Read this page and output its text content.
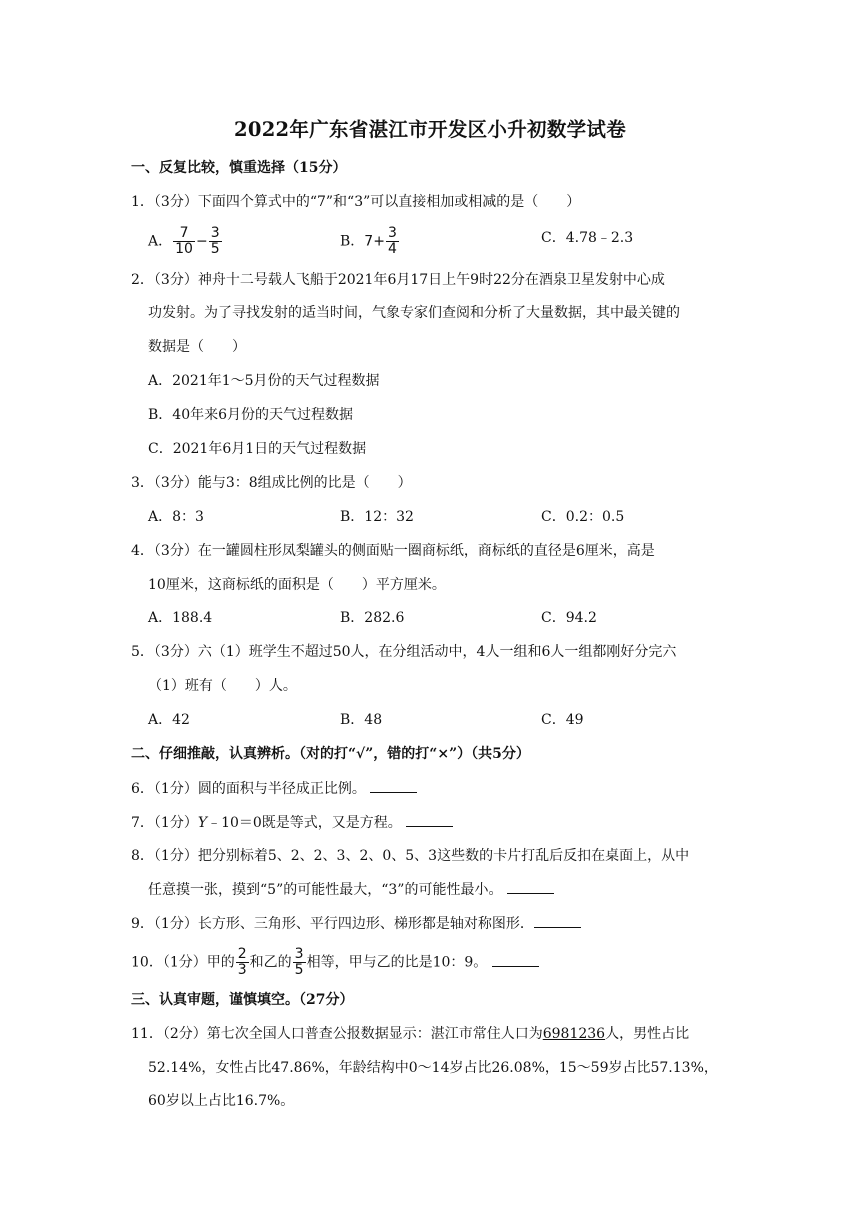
2022年广东省湛江市开发区小升初数学试卷
一、反复比较，慎重选择（15分）
1．（3分）下面四个算式中的“7”和“3”可以直接相加或相减的是（　　）
A． $\frac{7}{10} - \frac{3}{5}$	B．$7+ \frac{3}{4}$	C．4.78﹣2.3
2．（3分）神舟十二号载人飞船于2021年6月17日上午9时22分在酒泉卫星发射中心成
功发射。为了寻找发射的适当时间，气象专家们查阅和分析了大量数据，其中最关键的
数据是（　　）
A．2021年1～5月份的天气过程数据
B．40年来6月份的天气过程数据
C．2021年6月1日的天气过程数据
3．（3分）能与3：8组成比例的比是（　　）
A．8：3	B．12：32	C．0.2：0.5
4．（3分）在一罐圆柱形凤梨罐头的侧面贴一圈商标纸，商标纸的直径是6厘米，高是
10厘米，这商标纸的面积是（　　）平方厘米。
A．188.4	B．282.6	C．94.2
5．（3分）六（1）班学生不超过50人，在分组活动中，4人一组和6人一组都刚好分完六
（1）班有（　　）人。
A．42	B．48	C．49
二、仔细推敲，认真辨析。（对的打“√”，错的打“×”）（共5分）
6．（1分）圆的面积与半径成正比例。
7．（1分）Y﹣10＝0既是等式，又是方程。
8．（1分）把分别标着5、2、2、3、2、0、5、3这些数的卡片打乱后反扣在桌面上，从中
任意摸一张，摸到“5”的可能性最大，“3”的可能性最小。
9．（1分）长方形、三角形、平行四边形、梯形都是轴对称图形．
10．（1分）甲的 $\frac{2}{3}$ 和乙的 $\frac{3}{5}$ 相等，甲与乙的比是10：9。
三、认真审题，谨慎填空。（27分）
11．（2分）第七次全国人口普查公报数据显示：湛江市常住人口为6981236人，男性占比
52.14%，女性占比47.86%，年龄结构中0～14岁占比26.08%，15～59岁占比57.13%，
60岁以上占比16.7%。
